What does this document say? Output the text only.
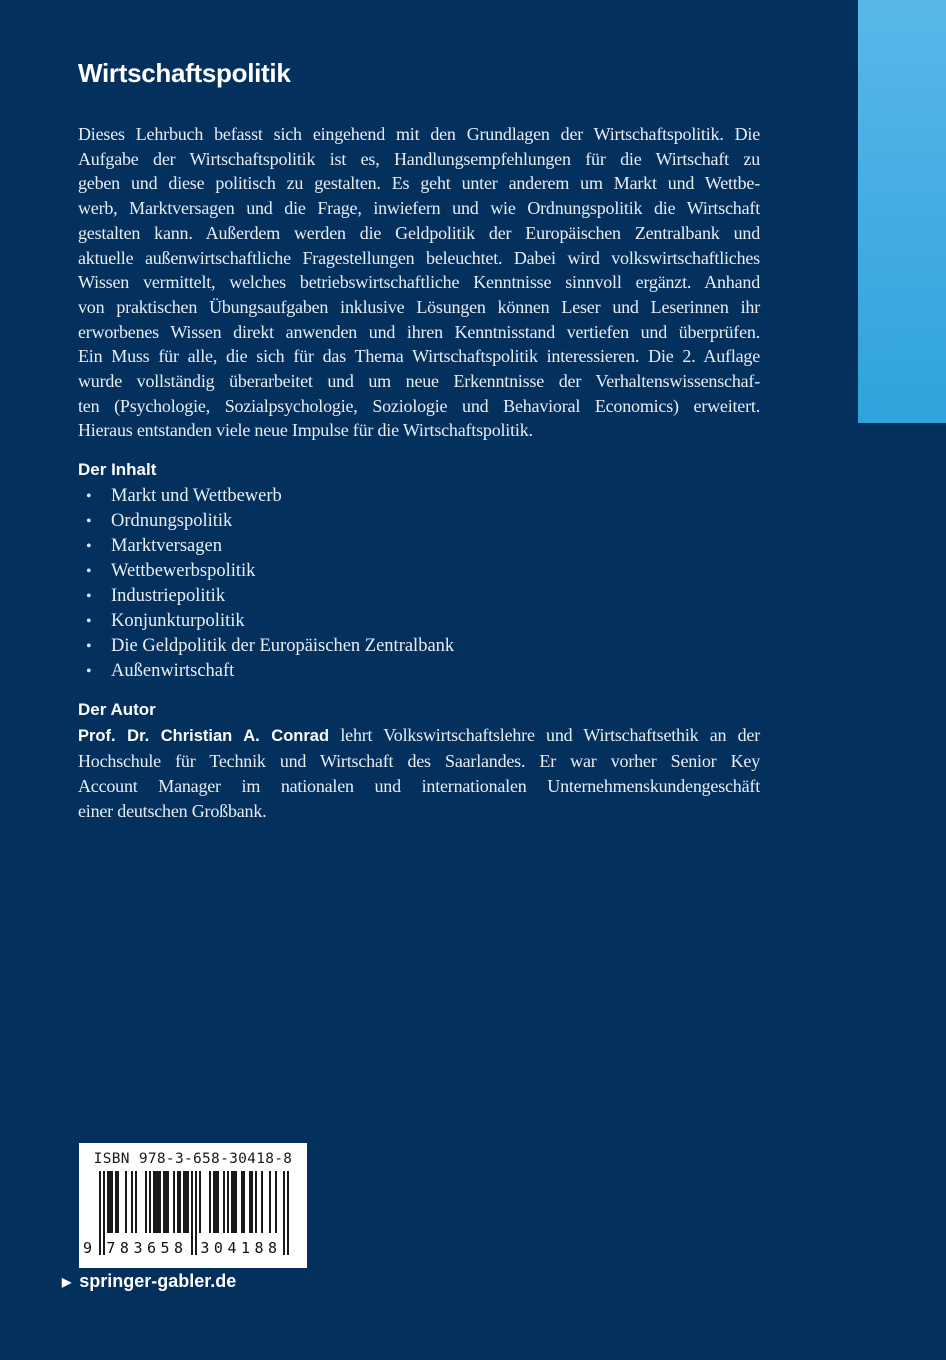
Wirtschaftspolitik
Dieses Lehrbuch befasst sich eingehend mit den Grundlagen der Wirtschaftspolitik. Die
Aufgabe der Wirtschaftspolitik ist es, Handlungsempfehlungen für die Wirtschaft zu
geben und diese politisch zu gestalten. Es geht unter anderem um Markt und Wettbe-
werb, Marktversagen und die Frage, inwiefern und wie Ordnungspolitik die Wirtschaft
gestalten kann. Außerdem werden die Geldpolitik der Europäischen Zentralbank und
aktuelle außenwirtschaftliche Fragestellungen beleuchtet. Dabei wird volkswirtschaftliches
Wissen vermittelt, welches betriebswirtschaftliche Kenntnisse sinnvoll ergänzt. Anhand
von praktischen Übungsaufgaben inklusive Lösungen können Leser und Leserinnen ihr
erworbenes Wissen direkt anwenden und ihren Kenntnisstand vertiefen und überprüfen.
Ein Muss für alle, die sich für das Thema Wirtschaftspolitik interessieren. Die 2. Auflage
wurde vollständig überarbeitet und um neue Erkenntnisse der Verhaltenswissenschaf-
ten (Psychologie, Sozialpsychologie, Soziologie und Behavioral Economics) erweitert.
Hieraus entstanden viele neue Impulse für die Wirtschaftspolitik.
Der Inhalt
• Markt und Wettbewerb
• Ordnungspolitik
• Marktversagen
• Wettbewerbspolitik
• Industriepolitik
• Konjunkturpolitik
• Die Geldpolitik der Europäischen Zentralbank
• Außenwirtschaft
Der Autor
Prof. Dr. Christian A. Conrad lehrt Volkswirtschaftslehre und Wirtschaftsethik an der
Hochschule für Technik und Wirtschaft des Saarlandes. Er war vorher Senior Key
Account Manager im nationalen und internationalen Unternehmenskundengeschäft
einer deutschen Großbank.
ISBN 978-3-658-30418-8
9 783658 304188
▶ springer-gabler.de
